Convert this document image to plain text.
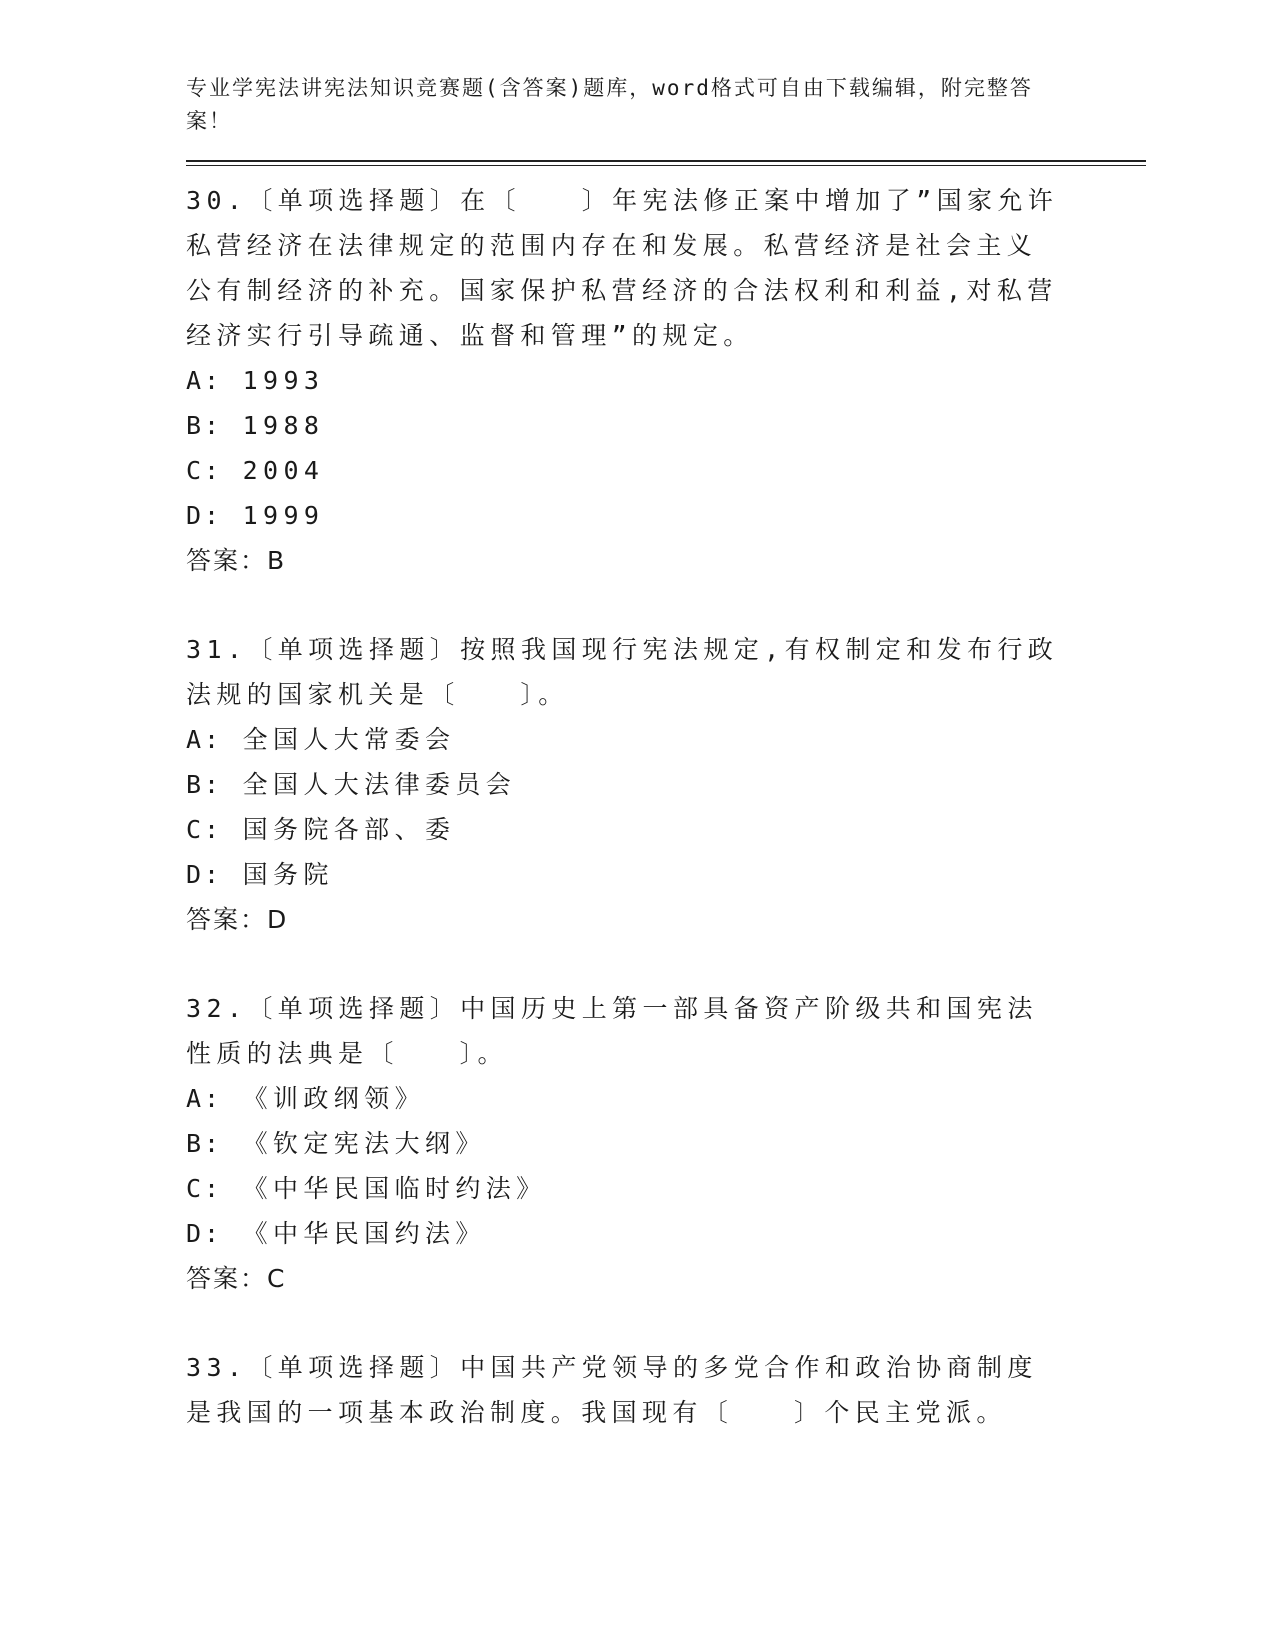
专业学宪法讲宪法知识竞赛题(含答案)题库，word格式可自由下载编辑，附完整答案！

30.〔单项选择题〕在〔　　〕年宪法修正案中增加了”国家允许私营经济在法律规定的范围内存在和发展。私营经济是社会主义公有制经济的补充。国家保护私营经济的合法权利和利益,对私营经济实行引导疏通、监督和管理”的规定。

A: 1993
B: 1988
C: 2004
D: 1999
答案：B

31.〔单项选择题〕按照我国现行宪法规定,有权制定和发布行政法规的国家机关是〔　　〕。

A: 全国人大常委会
B: 全国人大法律委员会
C: 国务院各部、委
D: 国务院
答案：D

32.〔单项选择题〕中国历史上第一部具备资产阶级共和国宪法性质的法典是〔　　〕。

A: 《训政纲领》
B: 《钦定宪法大纲》
C: 《中华民国临时约法》
D: 《中华民国约法》
答案：C

33.〔单项选择题〕中国共产党领导的多党合作和政治协商制度是我国的一项基本政治制度。我国现有〔　　〕个民主党派。
